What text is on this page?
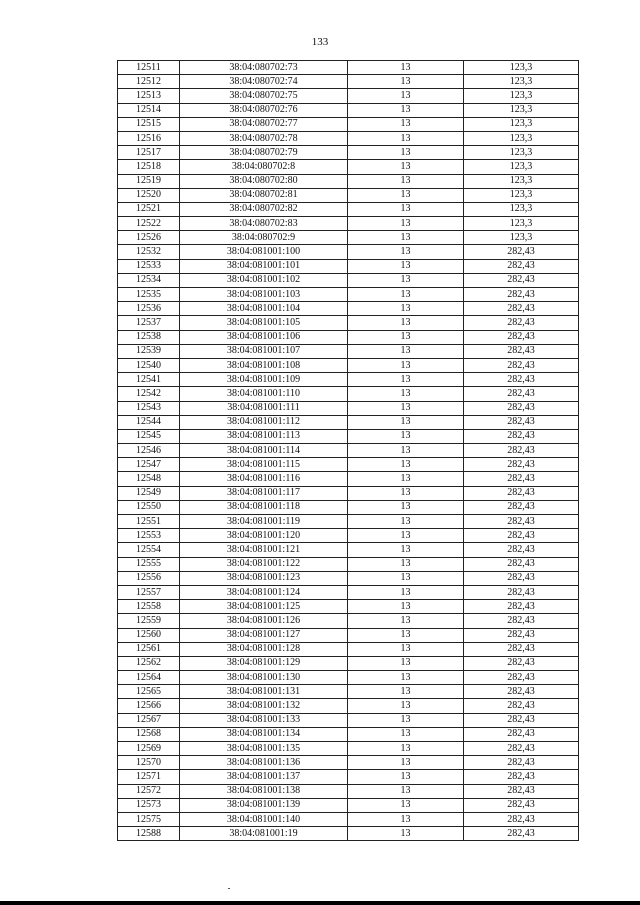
133
12511	38:04:080702:73	13	123,3
12512	38:04:080702:74	13	123,3
12513	38:04:080702:75	13	123,3
12514	38:04:080702:76	13	123,3
12515	38:04:080702:77	13	123,3
12516	38:04:080702:78	13	123,3
12517	38:04:080702:79	13	123,3
12518	38:04:080702:8	13	123,3
12519	38:04:080702:80	13	123,3
12520	38:04:080702:81	13	123,3
12521	38:04:080702:82	13	123,3
12522	38:04:080702:83	13	123,3
12526	38:04:080702:9	13	123,3
12532	38:04:081001:100	13	282,43
12533	38:04:081001:101	13	282,43
12534	38:04:081001:102	13	282,43
12535	38:04:081001:103	13	282,43
12536	38:04:081001:104	13	282,43
12537	38:04:081001:105	13	282,43
12538	38:04:081001:106	13	282,43
12539	38:04:081001:107	13	282,43
12540	38:04:081001:108	13	282,43
12541	38:04:081001:109	13	282,43
12542	38:04:081001:110	13	282,43
12543	38:04:081001:111	13	282,43
12544	38:04:081001:112	13	282,43
12545	38:04:081001:113	13	282,43
12546	38:04:081001:114	13	282,43
12547	38:04:081001:115	13	282,43
12548	38:04:081001:116	13	282,43
12549	38:04:081001:117	13	282,43
12550	38:04:081001:118	13	282,43
12551	38:04:081001:119	13	282,43
12553	38:04:081001:120	13	282,43
12554	38:04:081001:121	13	282,43
12555	38:04:081001:122	13	282,43
12556	38:04:081001:123	13	282,43
12557	38:04:081001:124	13	282,43
12558	38:04:081001:125	13	282,43
12559	38:04:081001:126	13	282,43
12560	38:04:081001:127	13	282,43
12561	38:04:081001:128	13	282,43
12562	38:04:081001:129	13	282,43
12564	38:04:081001:130	13	282,43
12565	38:04:081001:131	13	282,43
12566	38:04:081001:132	13	282,43
12567	38:04:081001:133	13	282,43
12568	38:04:081001:134	13	282,43
12569	38:04:081001:135	13	282,43
12570	38:04:081001:136	13	282,43
12571	38:04:081001:137	13	282,43
12572	38:04:081001:138	13	282,43
12573	38:04:081001:139	13	282,43
12575	38:04:081001:140	13	282,43
12588	38:04:081001:19	13	282,43
